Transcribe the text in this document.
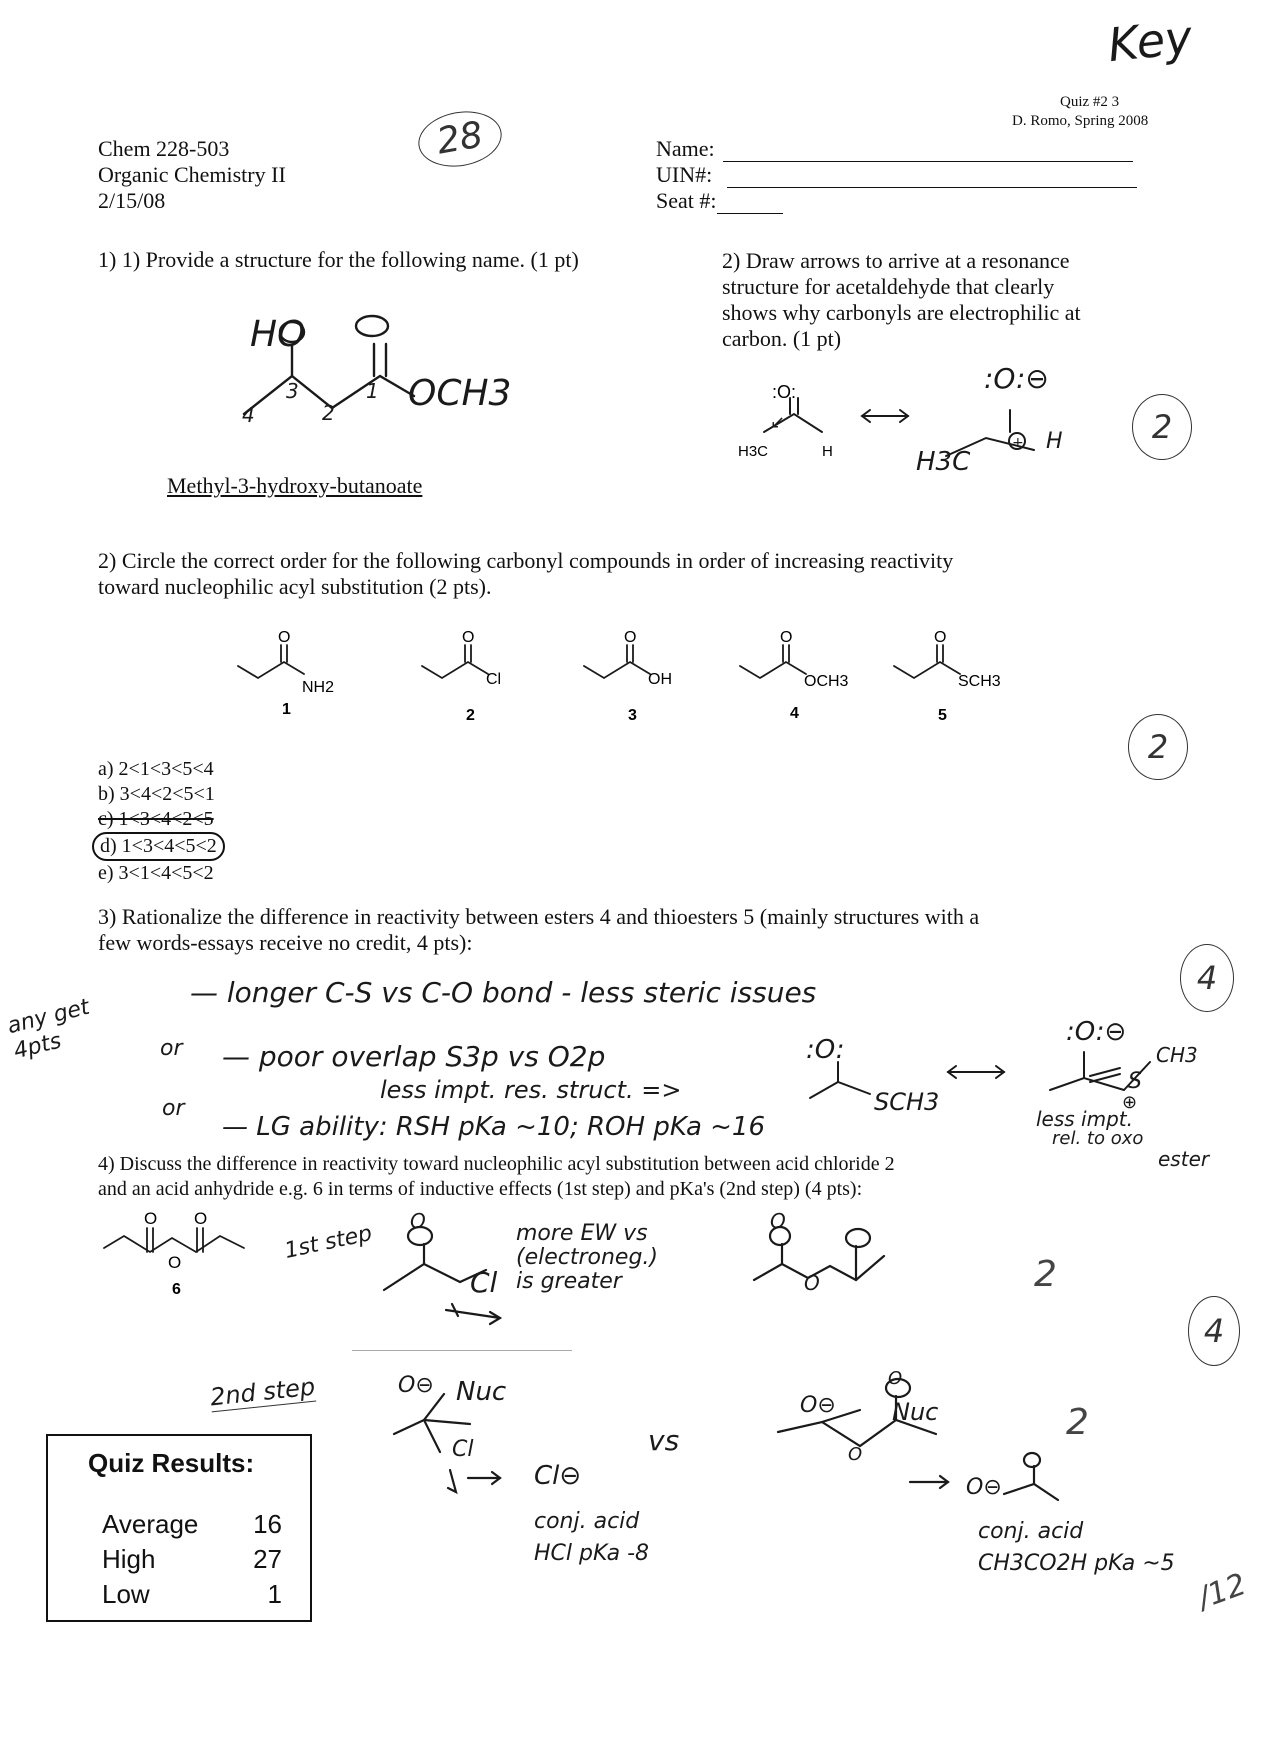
Key
Quiz #2 3
D. Romo, Spring 2008
Chem 228-503
Organic Chemistry II
2/15/08
28	Name:
UIN#:
Seat #:
1) 1) Provide a structure for the following name. (1 pt)
HO
OCH3
4
3
2
1
Methyl-3-hydroxy-butanoate
2) Draw arrows to arrive at a resonance
structure for acetaldehyde that clearly
shows why carbonyls are electrophilic at
carbon. (1 pt)
:O:
H3C	H
↙
:O:⊖
H3C
+ H	2
2) Circle the correct order for the following carbonyl compounds in order of increasing reactivity
toward nucleophilic acyl substitution (2 pts).
O	O	O	O	O
NH2	Cl	OH	OCH3	SCH3
1	2	3	4	5
2
a) 2<1<3<5<4
b) 3<4<2<5<1
c) 1<3<4<2<5
d) 1<3<4<5<2
e) 3<1<4<5<2
3) Rationalize the difference in reactivity between esters 4 and thioesters 5 (mainly structures with a
few words-essays receive no credit, 4 pts):
any get
4pts	or
or
— longer C-S vs C-O bond - less steric issues
— poor overlap S3p vs O2p
less impt. res. struct. =>
— LG ability: RSH pKa ~10; ROH pKa ~16
:O:
SCH3
:O:⊖
S
CH3
⊕
less impt.
rel. to oxo
ester
4
4) Discuss the difference in reactivity toward nucleophilic acyl substitution between acid chloride 2
and an acid anhydride e.g. 6 in terms of inductive effects (1st step) and pKa's (2nd step) (4 pts):
O O
O
6	Cl
O	O
O
Nuc
O⊖
Cl
Cl⊖
vs
Nuc
O⊖
O
O
O⊖
1st step	more EW vs
(electroneg.)
is greater	2
2nd step
conj. acid
HCl pKa -8
conj. acid
CH3CO2H pKa ~5
2
4
/12
Quiz Results:
Average 16
High	27
Low	1
